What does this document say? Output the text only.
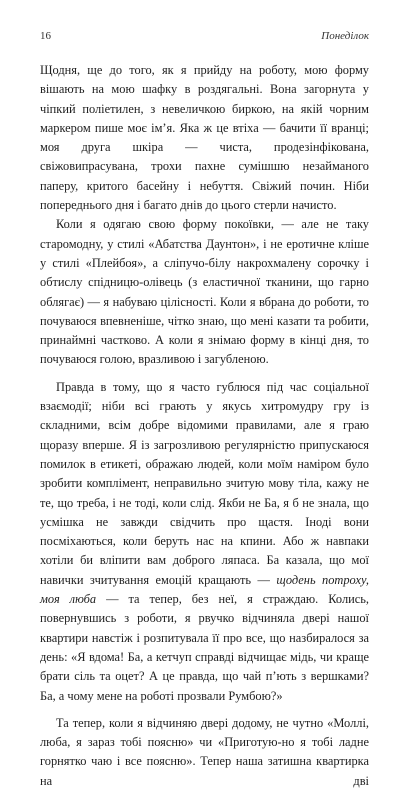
16	Понеділок

Щодня, ще до того, як я прийду на роботу, мою форму вішають на мою шафку в роздягальні. Вона загорнута у чіпкий поліетилен, з невеличкою биркою, на якій чорним маркером пише моє ім’я. Яка ж це втіха — бачити її вранці; моя друга шкіра — чиста, продезінфікована, свіжовипрасувана, трохи пахне сумішшю незайманого паперу, критого басейну і небуття. Свіжий почин. Ніби попереднього дня і багато днів до цього стерли начисто.

Коли я одягаю свою форму покоївки, — але не таку старомодну, у стилі «Абатства Даунтон», і не еротичне кліше у стилі «Плейбоя», а сліпучо-білу накрохмалену сорочку і обтислу спідницю-олівець (з еластичної тканини, що гарно облягає) — я набуваю цілісності. Коли я вбрана до роботи, то почуваюся впевненіше, чітко знаю, що мені казати та робити, принаймні частково. А коли я знімаю форму в кінці дня, то почуваюся голою, вразливою і загубленою.

Правда в тому, що я часто гублюся під час соціальної взаємодії; ніби всі грають у якусь хитромудру гру із складними, всім добре відомими правилами, але я граю щоразу вперше. Я із загрозливою регулярністю припускаюся помилок в етикеті, ображаю людей, коли моїм наміром було зробити комплімент, неправильно зчитую мову тіла, кажу не те, що треба, і не тоді, коли слід. Якби не Ба, я б не знала, що усмішка не завжди свідчить про щастя. Іноді вони посміхаються, коли беруть нас на кпини. Або ж навпаки хотіли би вліпити вам доброго ляпаса. Ба казала, що мої навички зчитування емоцій кращають — щодень потроху, моя люба — та тепер, без неї, я страждаю. Колись, повернувшись з роботи, я рвучко відчиняла двері нашої квартири навстіж і розпитувала її про все, що назбиралося за день: «Я вдома! Ба, а кетчуп справді відчищає мідь, чи краще брати сіль та оцет? А це правда, що чай п’ють з вершками? Ба, а чому мене на роботі прозвали Румбою?»

Та тепер, коли я відчиняю двері додому, не чутно «Моллі, люба, я зараз тобі поясню» чи «Приготую-но я тобі ладне горнятко чаю і все поясню». Тепер наша затишна квартирка на дві
